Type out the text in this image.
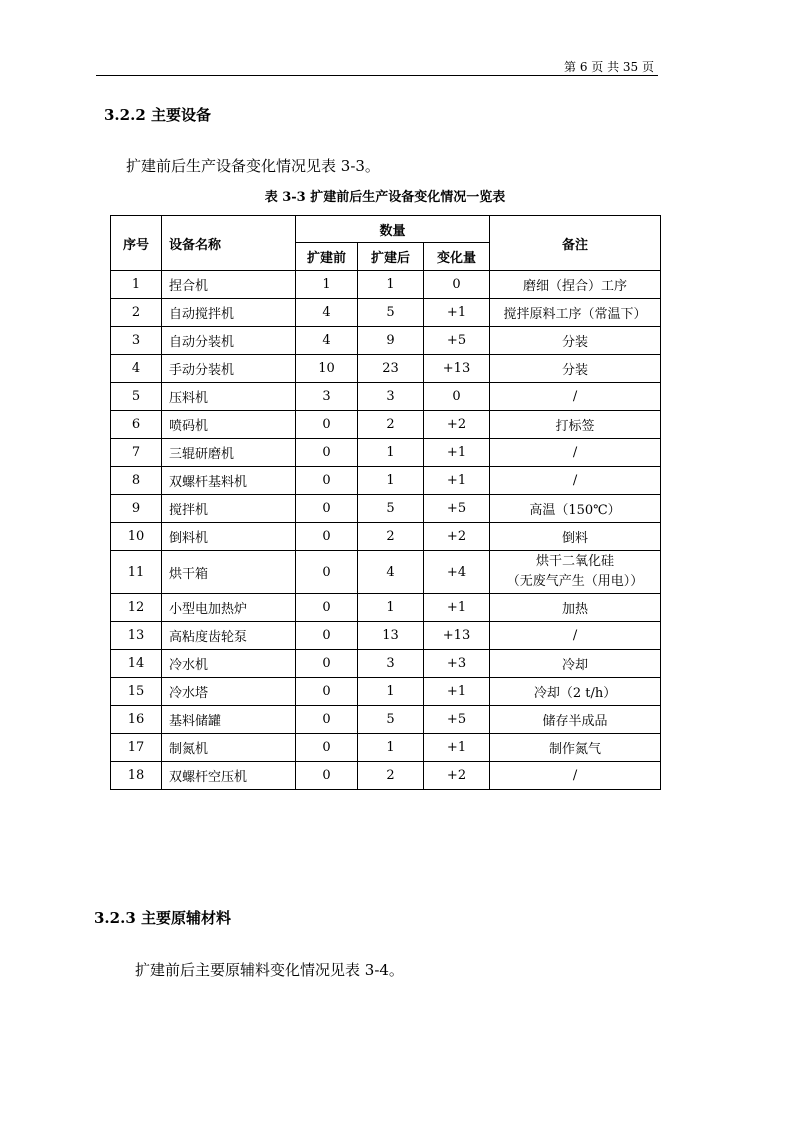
第 6 页 共 35 页
3.2.2 主要设备
扩建前后生产设备变化情况见表 3-3。
表 3-3 扩建前后生产设备变化情况一览表
序号	设备名称	数量			备注
		扩建前	扩建后	变化量	
1	捏合机	1	1	0	磨细（捏合）工序
2	自动搅拌机	4	5	+1	搅拌原料工序（常温下）
3	自动分装机	4	9	+5	分装
4	手动分装机	10	23	+13	分装
5	压料机	3	3	0	/
6	喷码机	0	2	+2	打标签
7	三辊研磨机	0	1	+1	/
8	双螺杆基料机	0	1	+1	/
9	搅拌机	0	5	+5	高温（150℃）
10	倒料机	0	2	+2	倒料
11	烘干箱	0	4	+4	烘干二氧化硅
（无废气产生（用电））

12	小型电加热炉	0	1	+1	加热
13	高粘度齿轮泵	0	13	+13	/
14	冷水机	0	3	+3	冷却
15	冷水塔	0	1	+1	冷却（2 t/h）
16	基料储罐	0	5	+5	储存半成品
17	制氮机	0	1	+1	制作氮气
18	双螺杆空压机	0	2	+2	/
3.2.3 主要原辅材料
扩建前后主要原辅料变化情况见表 3-4。
